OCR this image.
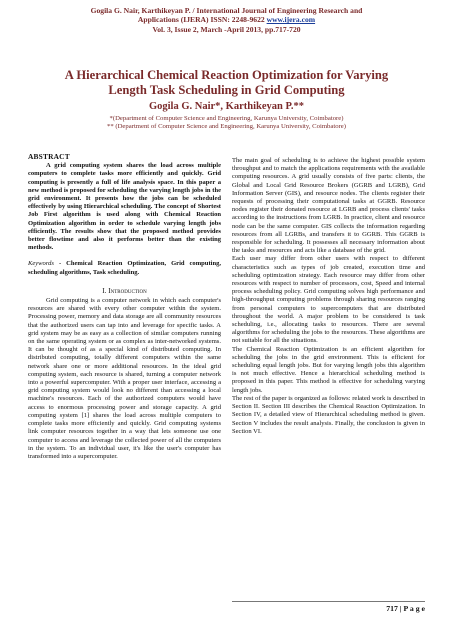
Gogila G. Nair, Karthikeyan P. / International Journal of Engineering Research and
Applications (IJERA) ISSN: 2248-9622 www.ijera.com
Vol. 3, Issue 2, March -April 2013, pp.717-720
A Hierarchical Chemical Reaction Optimization for Varying
Length Task Scheduling in Grid Computing
Gogila G. Nair*, Karthikeyan P.**
*(Department of Computer Science and Engineering, Karunya University, Coimbatore)
** (Department of Computer Science and Engineering, Karunya University, Coimbatore)
ABSTRACT

A grid computing system shares the load across multiple computers to complete tasks more efficiently and quickly. Grid computing is presently a full of life analysis space. In this paper a new method is proposed for scheduling the varying length jobs in the grid environment. It presents how the jobs can be scheduled effectively by using Hierarchical scheduling. The concept of Shortest Job First algorithm is used along with Chemical Reaction Optimization algorithm in order to schedule varying length jobs efficiently. The results show that the proposed method provides better flowtime and also it performs better than the existing methods.

Keywords - Chemical Reaction Optimization, Grid computing, scheduling algorithms, Task scheduling.

I. Introduction

Grid computing is a computer network in which each computer's resources are shared with every other computer within the system. Processing power, memory and data storage are all community resources that the authorized users can tap into and leverage for specific tasks. A grid system may be as easy as a collection of similar computers running on the same operating system or as complex as inter-networked systems. It can be thought of as a special kind of distributed computing. In distributed computing, totally different computers within the same network share one or more additional resources. In the ideal grid computing system, each resource is shared, turning a computer network into a powerful supercomputer. With a proper user interface, accessing a grid computing system would look no different than accessing a local machine's resources. Each of the authorized computers would have access to enormous processing power and storage capacity. A grid computing system [1] shares the load across multiple computers to complete tasks more efficiently and quickly. Grid computing systems link computer resources together in a way that lets someone use one computer to access and leverage the collected power of all the computers in the system. To an individual user, it's like the user's computer has transformed into a supercomputer.

The main goal of scheduling is to achieve the highest possible system throughput and to match the applications requirements with the available computing resources. A grid usually consists of five parts: clients, the Global and Local Grid Resource Brokers (GGRB and LGRB), Grid Information Server (GIS), and resource nodes. The clients register their requests of processing their computational tasks at GGRB. Resource nodes register their donated resource at LGRB and process clients' tasks according to the instructions from LGRB. In practice, client and resource node can be the same computer. GIS collects the information regarding resources from all LGRBs, and transfers it to GGRB. This GGRB is responsible for scheduling. It possesses all necessary information about the tasks and resources and acts like a database of the grid.

Each user may differ from other users with respect to different characteristics such as types of job created, execution time and scheduling optimization strategy. Each resource may differ from other resources with respect to number of processors, cost, Speed and internal process scheduling policy. Grid computing solves high performance and high-throughput computing problems through sharing resources ranging from personal computers to supercomputers that are distributed throughout the world. A major problem to be considered is task scheduling, i.e., allocating tasks to resources. There are several algorithms for scheduling the jobs to the resources. These algorithms are not suitable for all the situations.

The Chemical Reaction Optimization is an efficient algorithm for scheduling the jobs in the grid environment. This is efficient for scheduling equal length jobs. But for varying length jobs this algorithm is not much effective. Hence a hierarchical scheduling method is proposed in this paper. This method is effective for scheduling varying length jobs.

The rest of the paper is organized as follows: related work is described in Section II. Section III describes the Chemical Reaction Optimization. In Section IV, a detailed view of Hierarchical scheduling method is given. Section V includes the result analysis. Finally, the conclusion is given in Section VI.

717 | P a g e
